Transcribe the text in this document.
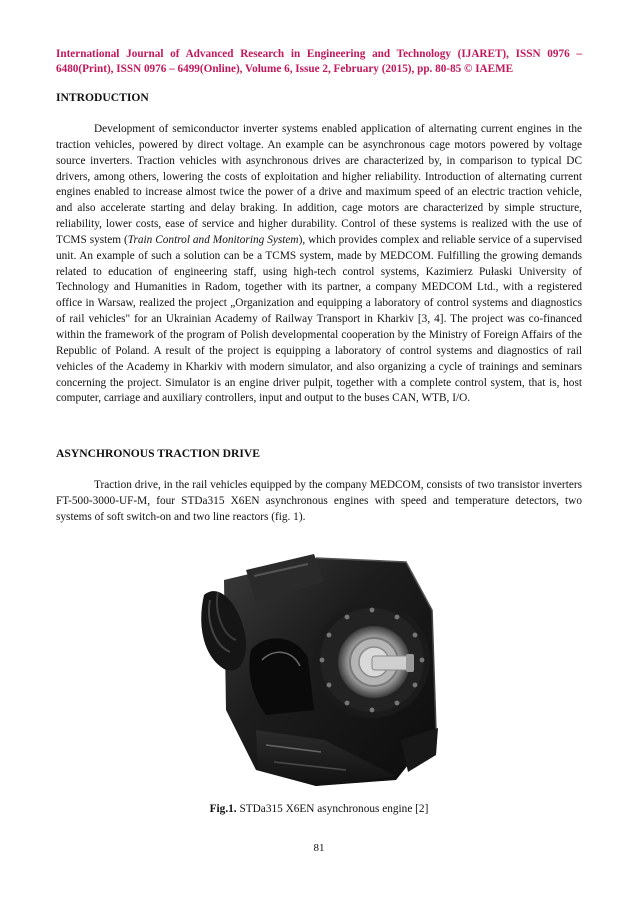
International Journal of Advanced Research in Engineering and Technology (IJARET), ISSN 0976 – 6480(Print), ISSN 0976 – 6499(Online), Volume 6, Issue 2, February (2015), pp. 80-85 © IAEME
INTRODUCTION
Development of semiconductor inverter systems enabled application of alternating current engines in the traction vehicles, powered by direct voltage. An example can be asynchronous cage motors powered by voltage source inverters. Traction vehicles with asynchronous drives are characterized by, in comparison to typical DC drivers, among others, lowering the costs of exploitation and higher reliability. Introduction of alternating current engines enabled to increase almost twice the power of a drive and maximum speed of an electric traction vehicle, and also accelerate starting and delay braking. In addition, cage motors are characterized by simple structure, reliability, lower costs, ease of service and higher durability. Control of these systems is realized with the use of TCMS system (Train Control and Monitoring System), which provides complex and reliable service of a supervised unit. An example of such a solution can be a TCMS system, made by MEDCOM. Fulfilling the growing demands related to education of engineering staff, using high-tech control systems, Kazimierz Pułaski University of Technology and Humanities in Radom, together with its partner, a company MEDCOM Ltd., with a registered office in Warsaw, realized the project „Organization and equipping a laboratory of control systems and diagnostics of rail vehicles" for an Ukrainian Academy of Railway Transport in Kharkiv [3, 4]. The project was co-financed within the framework of the program of Polish developmental cooperation by the Ministry of Foreign Affairs of the Republic of Poland. A result of the project is equipping a laboratory of control systems and diagnostics of rail vehicles of the Academy in Kharkiv with modern simulator, and also organizing a cycle of trainings and seminars concerning the project. Simulator is an engine driver pulpit, together with a complete control system, that is, host computer, carriage and auxiliary controllers, input and output to the buses CAN, WTB, I/O.
ASYNCHRONOUS TRACTION DRIVE
Traction drive, in the rail vehicles equipped by the company MEDCOM, consists of two transistor inverters FT-500-3000-UF-M, four STDa315 X6EN asynchronous engines with speed and temperature detectors, two systems of soft switch-on and two line reactors (fig. 1).
Fig.1. STDa315 X6EN asynchronous engine [2]
81
